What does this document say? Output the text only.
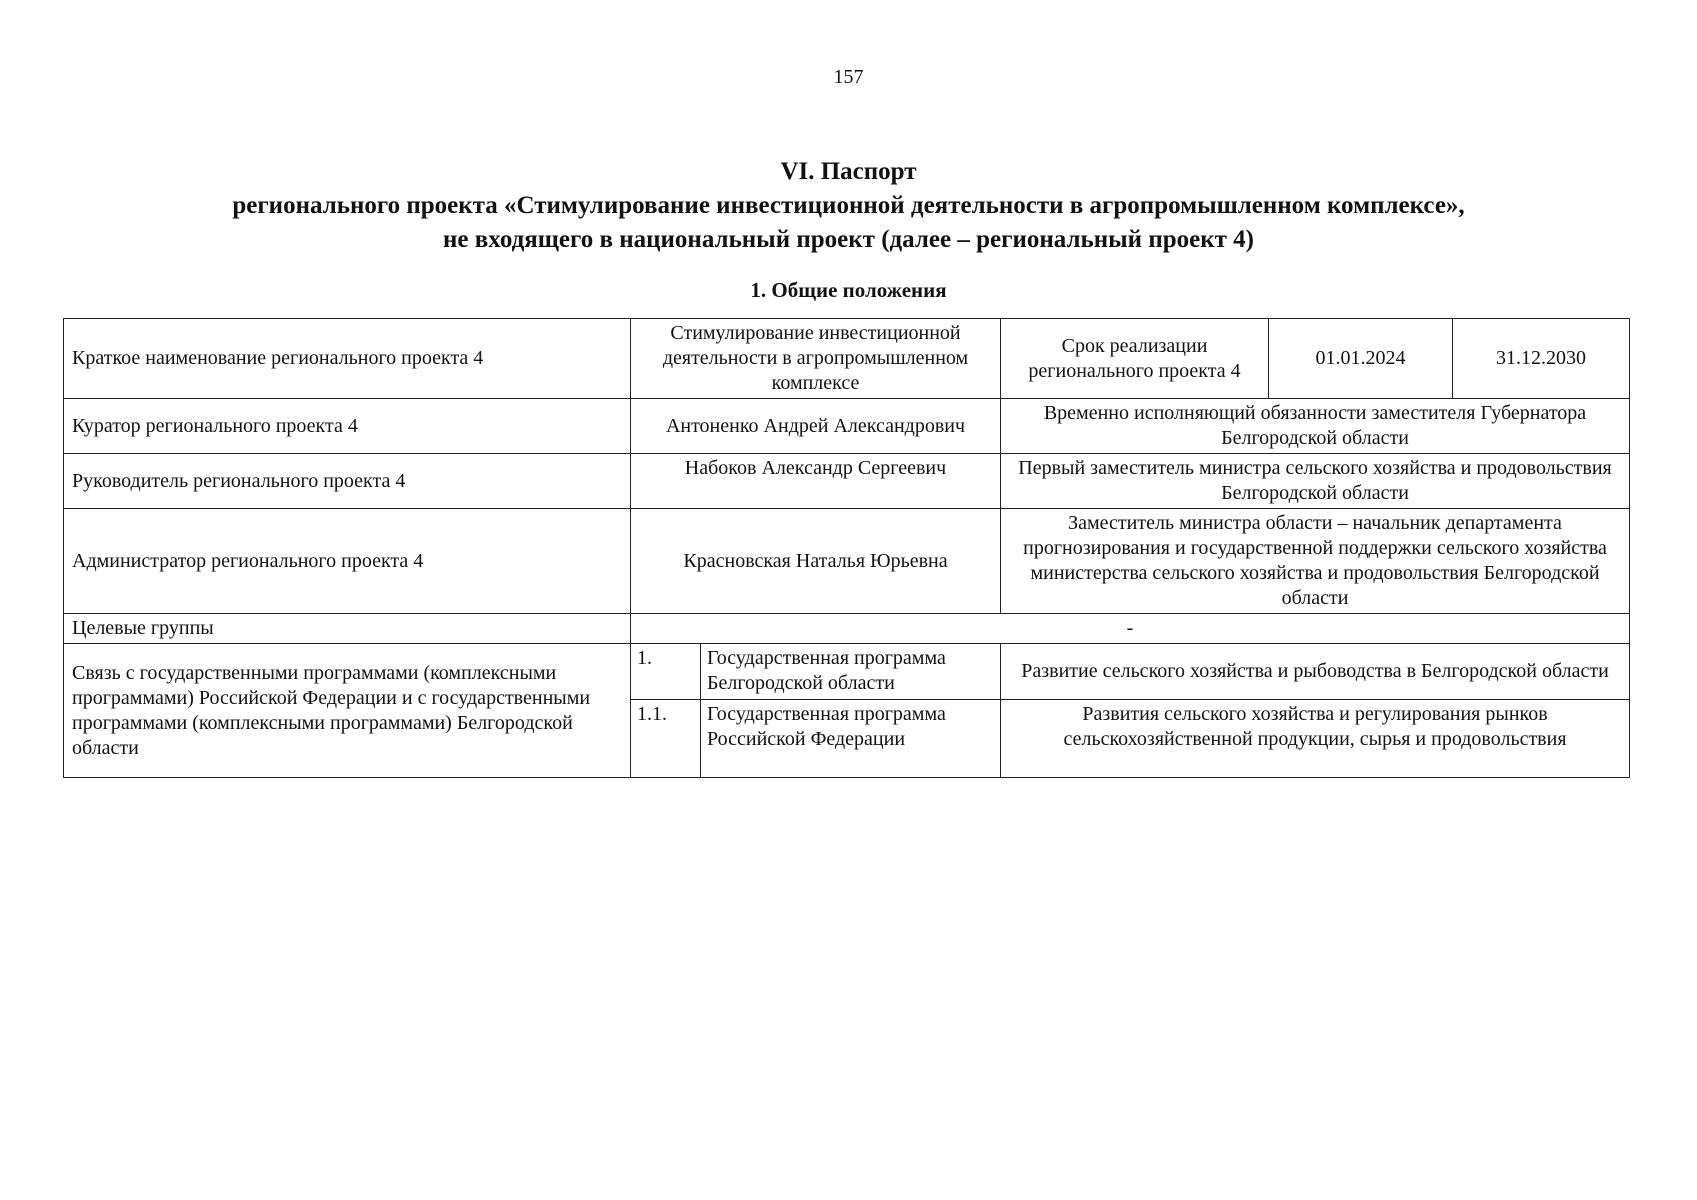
157
VI. Паспорт
регионального проекта «Стимулирование инвестиционной деятельности в агропромышленном комплексе»,
не входящего в национальный проект (далее – региональный проект 4)
1. Общие положения
Краткое наименование регионального проекта 4	Стимулирование инвестиционной деятельности в агропромышленном комплексе		Срок реализации регионального проекта 4	01.01.2024	31.12.2030
Куратор регионального проекта 4	Антоненко Андрей Александрович		Временно исполняющий обязанности заместителя Губернатора Белгородской области		
Руководитель регионального проекта 4	Набоков Александр Сергеевич		Первый заместитель министра сельского хозяйства и продовольствия Белгородской области		
Администратор регионального проекта 4	Красновская Наталья Юрьевна		Заместитель министра области – начальник департамента прогнозирования и государственной поддержки сельского хозяйства министерства сельского хозяйства и продовольствия Белгородской области		
Целевые группы	-				
Связь с государственными программами (комплексными программами) Российской Федерации и с государственными программами (комплексными программами) Белгородской области	1.	Государственная программа Белгородской области	Развитие сельского хозяйства и рыбоводства в Белгородской области		
	1.1.	Государственная программа Российской Федерации	Развития сельского хозяйства и регулирования рынков сельскохозяйственной продукции, сырья и продовольствия		
